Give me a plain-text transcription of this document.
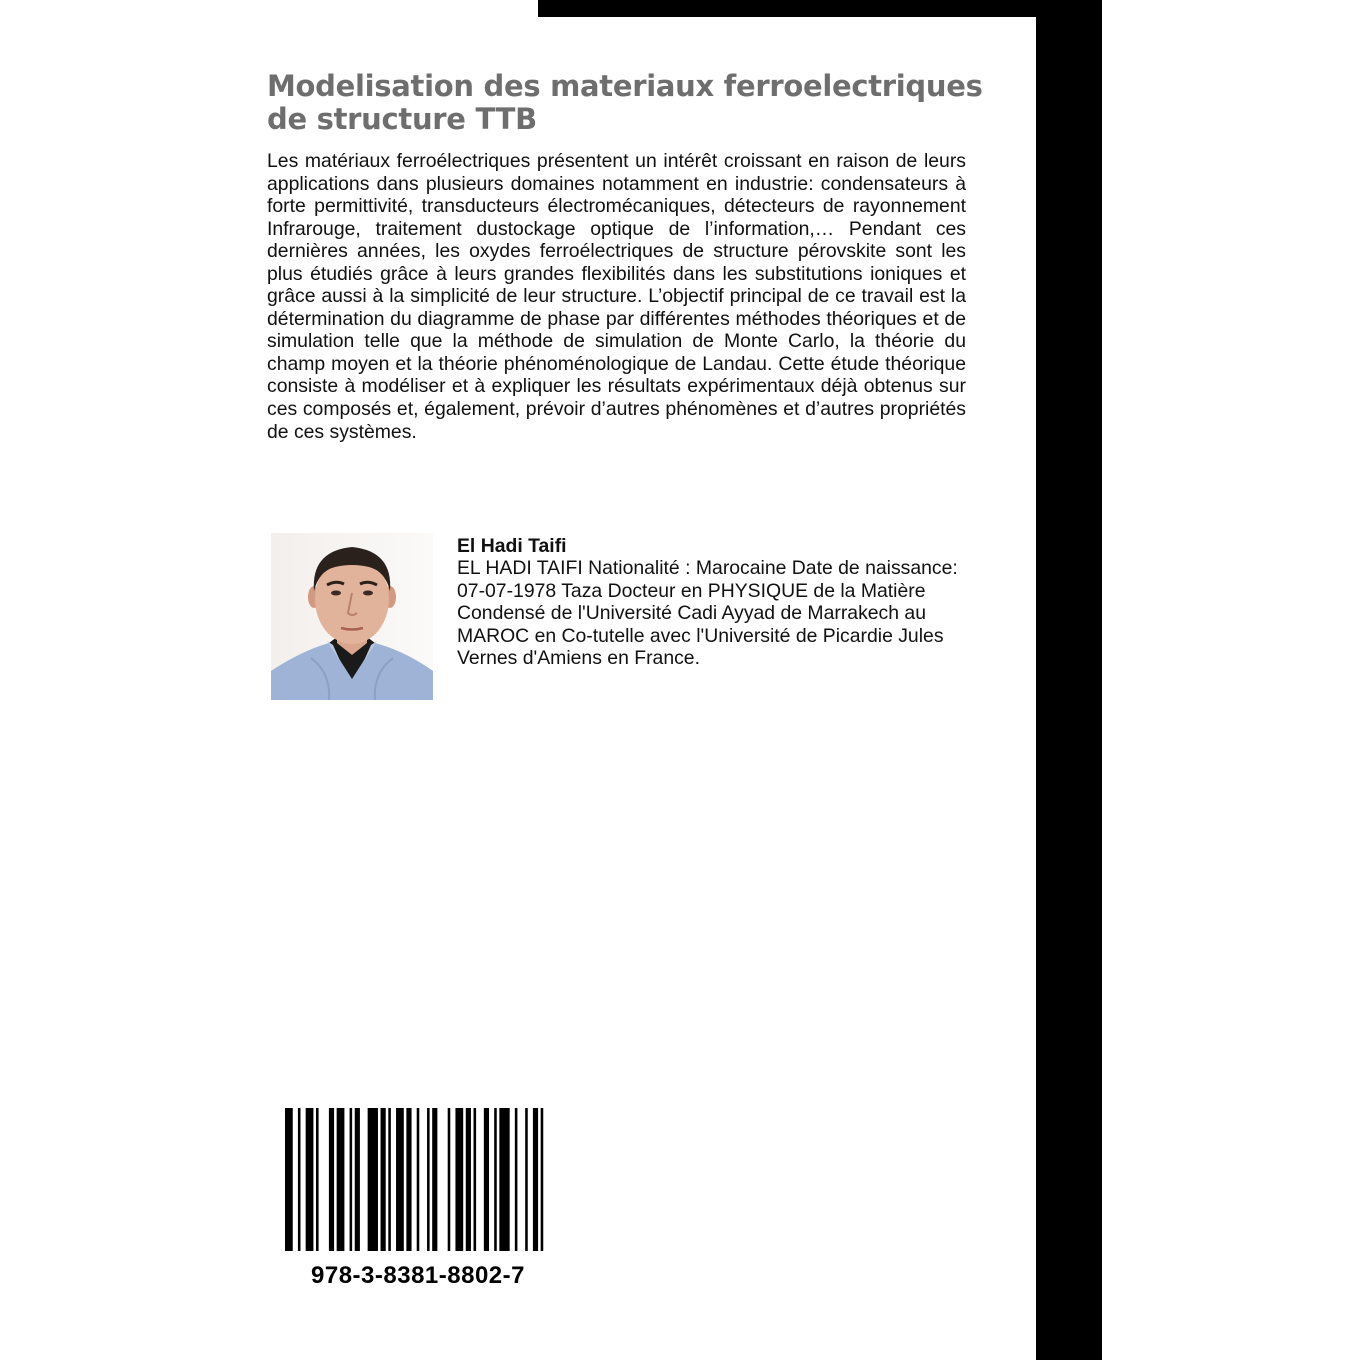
Modelisation des materiaux ferroelectriques de structure TTB

Les matériaux ferroélectriques présentent un intérêt croissant en raison de leurs applications dans plusieurs domaines notamment en industrie: condensateurs à forte permittivité, transducteurs électromécaniques, détecteurs de rayonnement Infrarouge, traitement dustockage optique de l’information,… Pendant ces dernières années, les oxydes ferroélectriques de structure pérovskite sont les plus étudiés grâce à leurs grandes flexibilités dans les substitutions ioniques et grâce aussi à la simplicité de leur structure. L’objectif principal de ce travail est la détermination du diagramme de phase par différentes méthodes théoriques et de simulation telle que la méthode de simulation de Monte Carlo, la théorie du champ moyen et la théorie phénoménologique de Landau. Cette étude théorique consiste à modéliser et à expliquer les résultats expérimentaux déjà obtenus sur ces composés et, également, prévoir d’autres phénomènes et d’autres propriétés de ces systèmes.

El Hadi Taifi

EL HADI TAIFI Nationalité : Marocaine Date de naissance: 07-07-1978 Taza Docteur en PHYSIQUE de la Matière Condensé de l'Université Cadi Ayyad de Marrakech au MAROC en Co-tutelle avec l'Université de Picardie Jules Vernes d'Amiens en France.

978-3-8381-8802-7
